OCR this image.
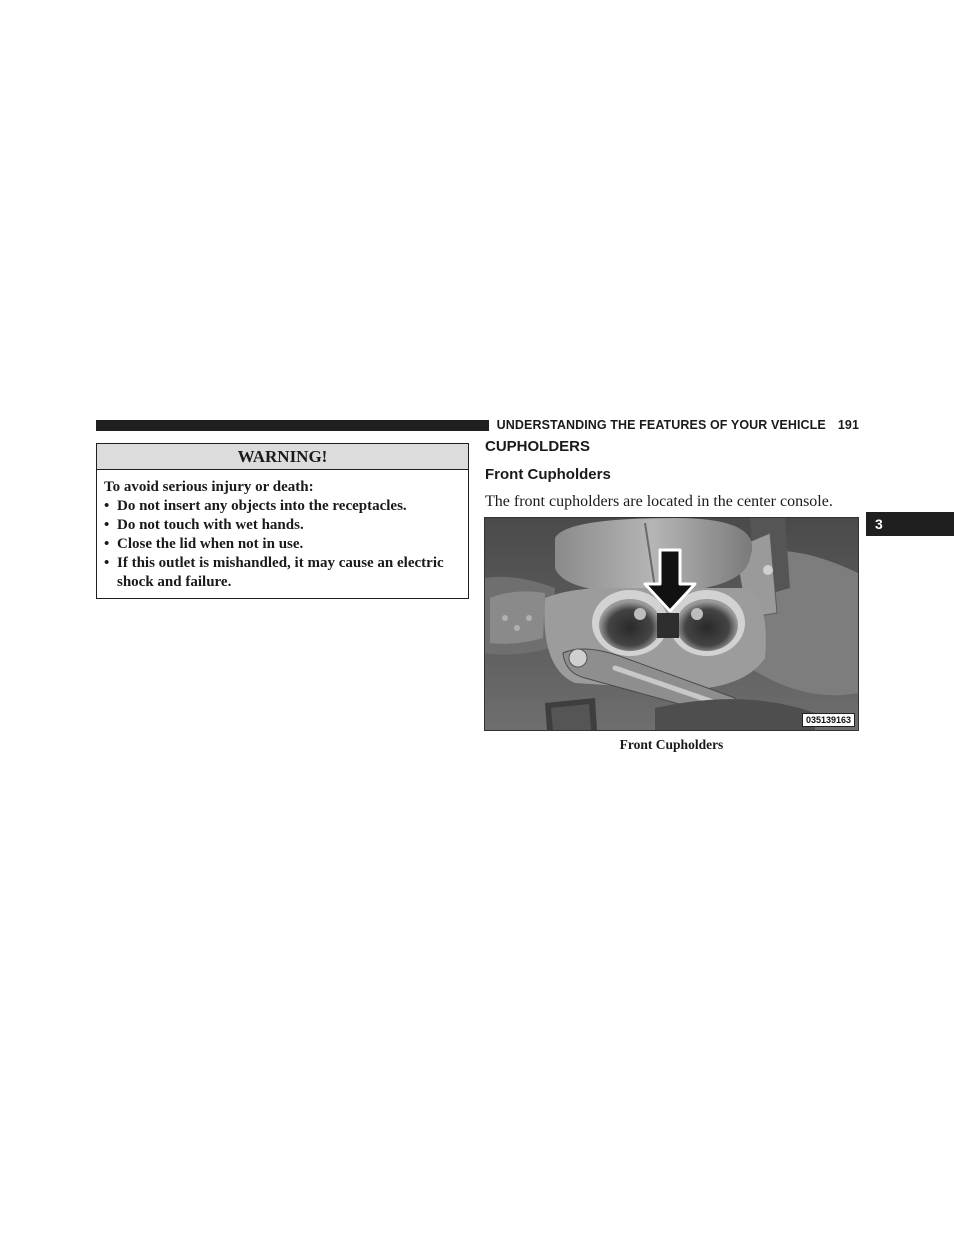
UNDERSTANDING THE FEATURES OF YOUR VEHICLE 191
3
WARNING!
To avoid serious injury or death:
• Do not insert any objects into the receptacles.
• Do not touch with wet hands.
• Close the lid when not in use.
• If this outlet is mishandled, it may cause an electric shock and failure.
CUPHOLDERS
Front Cupholders
The front cupholders are located in the center console.
035139163
Front Cupholders
